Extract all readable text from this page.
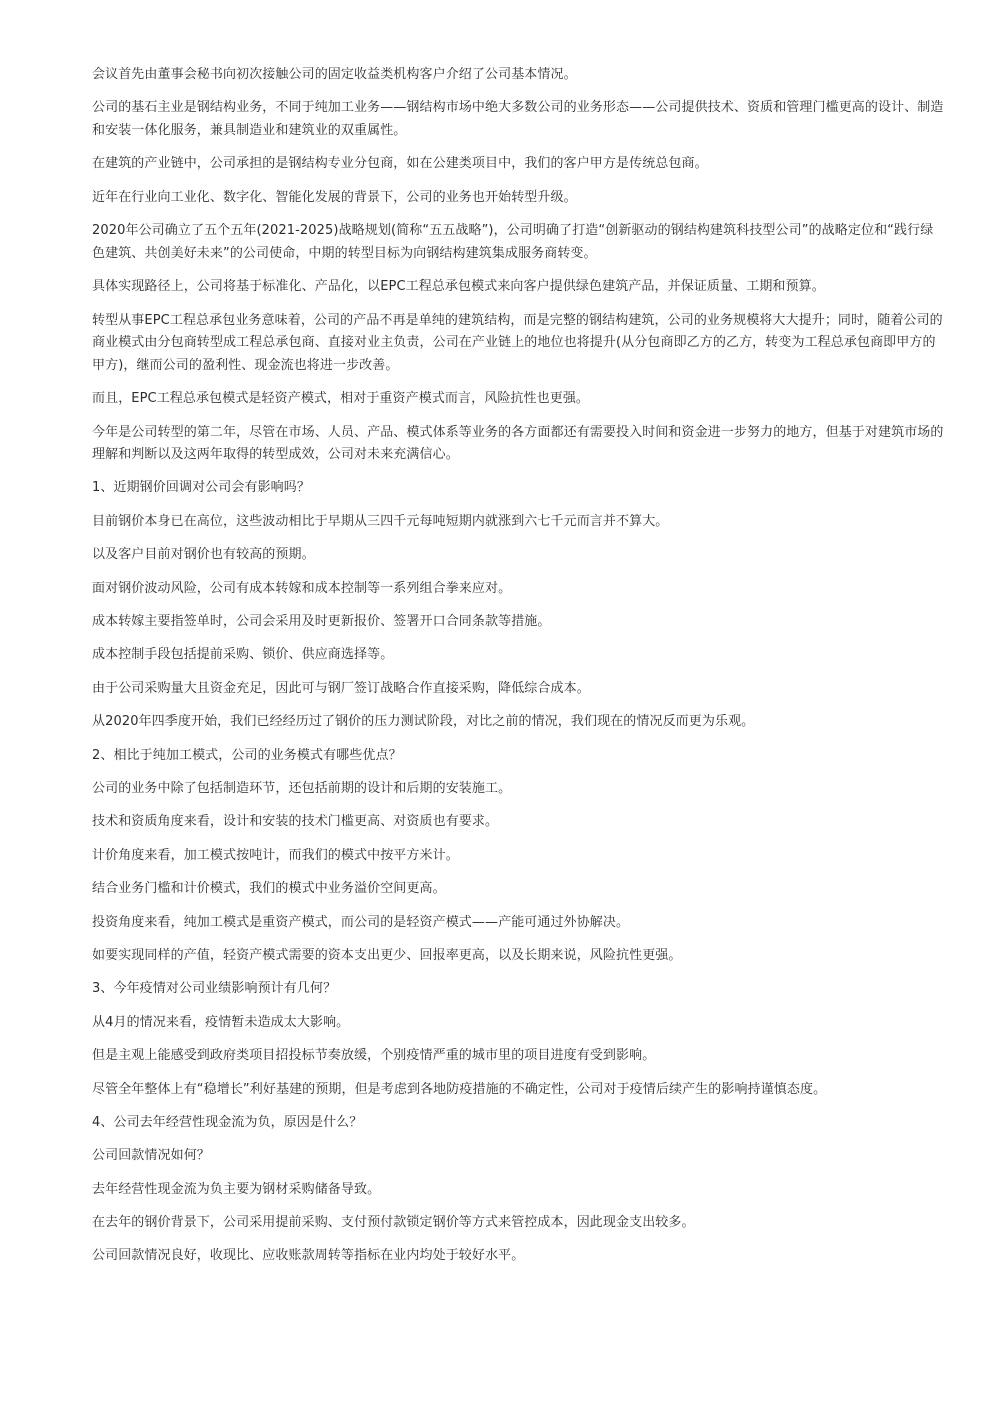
会议首先由董事会秘书向初次接触公司的固定收益类机构客户介绍了公司基本情况。

公司的基石主业是钢结构业务，不同于纯加工业务——钢结构市场中绝大多数公司的业务形态——公司提供技术、资质和管理门槛更高的设计、制造和安装一体化服务，兼具制造业和建筑业的双重属性。

在建筑的产业链中，公司承担的是钢结构专业分包商，如在公建类项目中，我们的客户甲方是传统总包商。

近年在行业向工业化、数字化、智能化发展的背景下，公司的业务也开始转型升级。

2020年公司确立了五个五年(2021-2025)战略规划(简称“五五战略”)，公司明确了打造“创新驱动的钢结构建筑科技型公司”的战略定位和“践行绿色建筑、共创美好未来”的公司使命，中期的转型目标为向钢结构建筑集成服务商转变。

具体实现路径上，公司将基于标准化、产品化，以EPC工程总承包模式来向客户提供绿色建筑产品，并保证质量、工期和预算。

转型从事EPC工程总承包业务意味着，公司的产品不再是单纯的建筑结构，而是完整的钢结构建筑，公司的业务规模将大大提升；同时，随着公司的商业模式由分包商转型成工程总承包商、直接对业主负责，公司在产业链上的地位也将提升(从分包商即乙方的乙方，转变为工程总承包商即甲方的甲方)，继而公司的盈利性、现金流也将进一步改善。

而且，EPC工程总承包模式是轻资产模式，相对于重资产模式而言，风险抗性也更强。

今年是公司转型的第二年，尽管在市场、人员、产品、模式体系等业务的各方面都还有需要投入时间和资金进一步努力的地方，但基于对建筑市场的理解和判断以及这两年取得的转型成效，公司对未来充满信心。

1、近期钢价回调对公司会有影响吗？

目前钢价本身已在高位，这些波动相比于早期从三四千元每吨短期内就涨到六七千元而言并不算大。

以及客户目前对钢价也有较高的预期。

面对钢价波动风险，公司有成本转嫁和成本控制等一系列组合拳来应对。

成本转嫁主要指签单时，公司会采用及时更新报价、签署开口合同条款等措施。

成本控制手段包括提前采购、锁价、供应商选择等。

由于公司采购量大且资金充足，因此可与钢厂签订战略合作直接采购，降低综合成本。

从2020年四季度开始，我们已经经历过了钢价的压力测试阶段，对比之前的情况，我们现在的情况反而更为乐观。

2、相比于纯加工模式，公司的业务模式有哪些优点？

公司的业务中除了包括制造环节，还包括前期的设计和后期的安装施工。

技术和资质角度来看，设计和安装的技术门槛更高、对资质也有要求。

计价角度来看，加工模式按吨计，而我们的模式中按平方米计。

结合业务门槛和计价模式，我们的模式中业务溢价空间更高。

投资角度来看，纯加工模式是重资产模式，而公司的是轻资产模式——产能可通过外协解决。

如要实现同样的产值，轻资产模式需要的资本支出更少、回报率更高，以及长期来说，风险抗性更强。

3、今年疫情对公司业绩影响预计有几何？

从4月的情况来看，疫情暂未造成太大影响。

但是主观上能感受到政府类项目招投标节奏放缓，个别疫情严重的城市里的项目进度有受到影响。

尽管全年整体上有“稳增长”利好基建的预期，但是考虑到各地防疫措施的不确定性，公司对于疫情后续产生的影响持谨慎态度。

4、公司去年经营性现金流为负，原因是什么？

公司回款情况如何？

去年经营性现金流为负主要为钢材采购储备导致。

在去年的钢价背景下，公司采用提前采购、支付预付款锁定钢价等方式来管控成本，因此现金支出较多。

公司回款情况良好，收现比、应收账款周转等指标在业内均处于较好水平。
